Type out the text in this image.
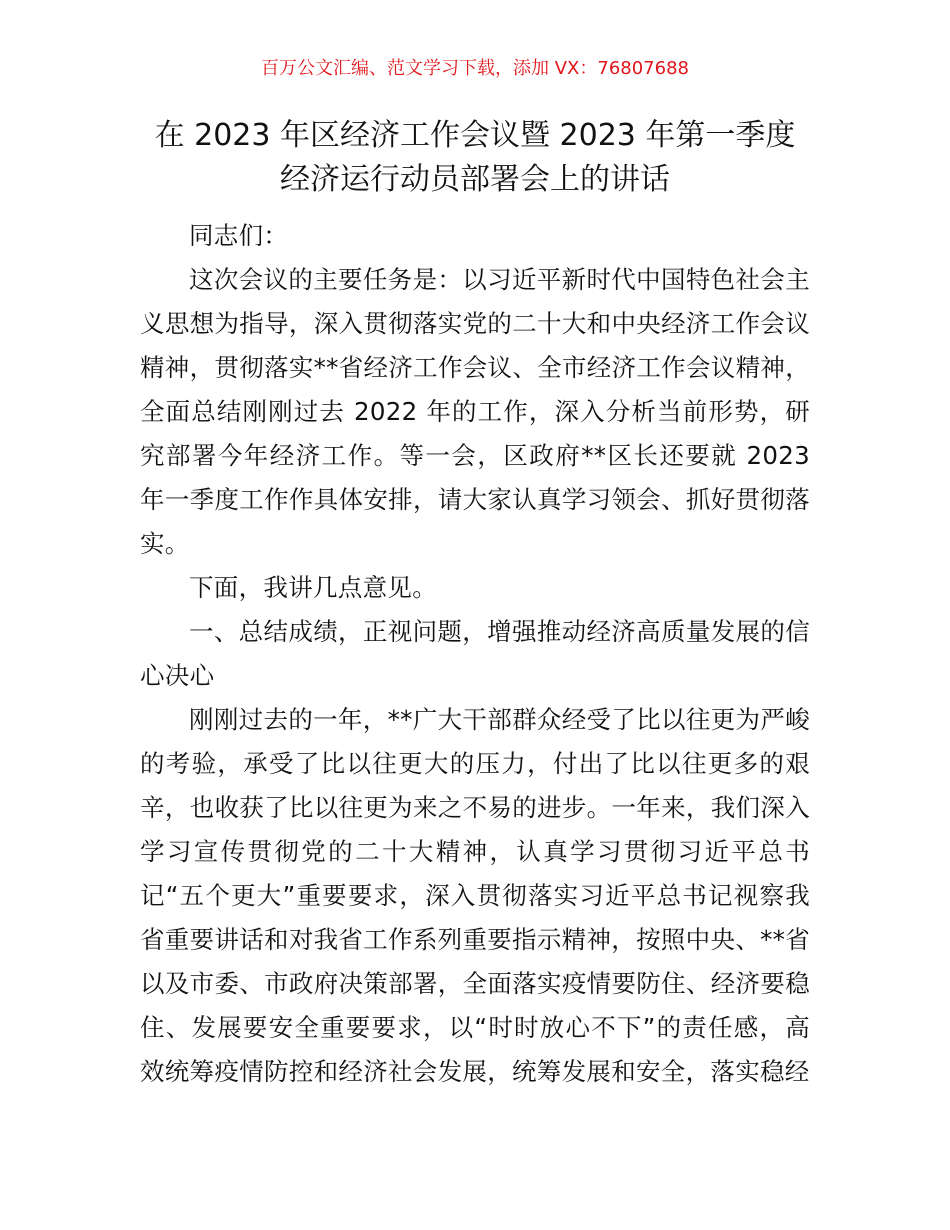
百万公文汇编、范文学习下载，添加 VX：76807688
在 2023 年区经济工作会议暨 2023 年第一季度
经济运行动员部署会上的讲话

同志们：

这次会议的主要任务是：以习近平新时代中国特色社会主义思想为指导，深入贯彻落实党的二十大和中央经济工作会议精神，贯彻落实**省经济工作会议、全市经济工作会议精神，全面总结刚刚过去 2022 年的工作，深入分析当前形势，研究部署今年经济工作。等一会，区政府**区长还要就 2023 年一季度工作作具体安排，请大家认真学习领会、抓好贯彻落实。

下面，我讲几点意见。

一、总结成绩，正视问题，增强推动经济高质量发展的信心决心

刚刚过去的一年，**广大干部群众经受了比以往更为严峻的考验，承受了比以往更大的压力，付出了比以往更多的艰辛，也收获了比以往更为来之不易的进步。一年来，我们深入学习宣传贯彻党的二十大精神，认真学习贯彻习近平总书记“五个更大”重要要求，深入贯彻落实习近平总书记视察我省重要讲话和对我省工作系列重要指示精神，按照中央、**省以及市委、市政府决策部署，全面落实疫情要防住、经济要稳住、发展要安全重要要求，以“时时放心不下”的责任感，高效统筹疫情防控和经济社会发展，统筹发展和安全，落实稳经
